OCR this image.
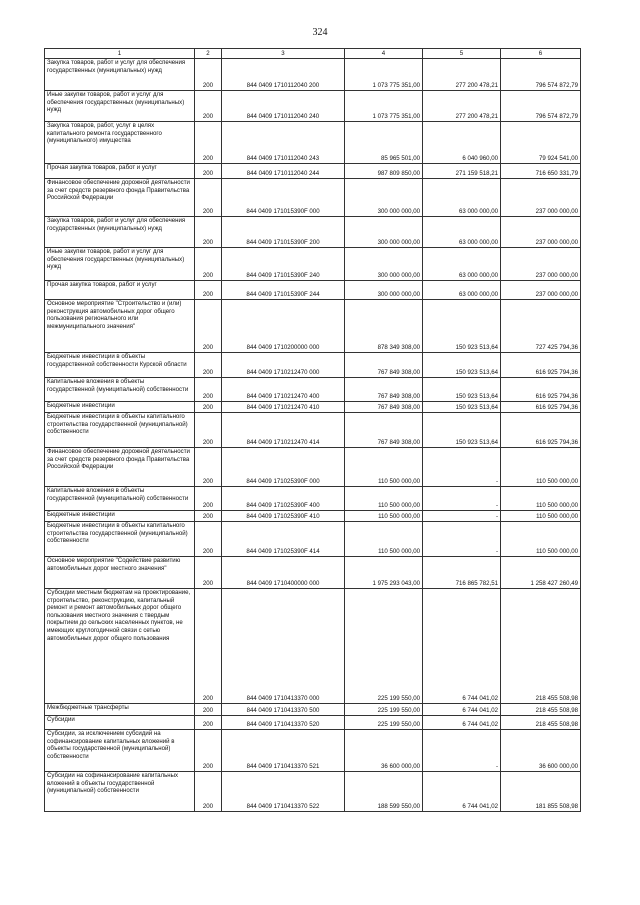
324
1	2	3	4	5	6
Закупка товаров, работ и услуг для обеспечения государственных (муниципальных) нужд	200	844 0409 1710112040 200	1 073 775 351,00	277 200 478,21	796 574 872,79
Иные закупки товаров, работ и услуг для обеспечения государственных (муниципальных) нужд	200	844 0409 1710112040 240	1 073 775 351,00	277 200 478,21	796 574 872,79
Закупка товаров, работ, услуг в целях капитального ремонта государственного (муниципального) имущества	200	844 0409 1710112040 243	85 965 501,00	6 040 960,00	79 924 541,00
Прочая закупка товаров, работ и услуг	200	844 0409 1710112040 244	987 809 850,00	271 159 518,21	716 650 331,79
Финансовое обеспечение дорожной деятельности за счет средств резервного фонда Правительства Российской Федерации	200	844 0409 171015390F 000	300 000 000,00	63 000 000,00	237 000 000,00
Закупка товаров, работ и услуг для обеспечения государственных (муниципальных) нужд	200	844 0409 171015390F 200	300 000 000,00	63 000 000,00	237 000 000,00
Иные закупки товаров, работ и услуг для обеспечения государственных (муниципальных) нужд	200	844 0409 171015390F 240	300 000 000,00	63 000 000,00	237 000 000,00
Прочая закупка товаров, работ и услуг	200	844 0409 171015390F 244	300 000 000,00	63 000 000,00	237 000 000,00
Основное мероприятие "Строительство и (или) реконструкция автомобильных дорог общего пользования регионального или межмуниципального значения"	200	844 0409 1710200000 000	878 349 308,00	150 923 513,64	727 425 794,36
Бюджетные инвестиции в объекты государственной собственности Курской области	200	844 0409 1710212470 000	767 849 308,00	150 923 513,64	616 925 794,36
Капитальные вложения в объекты государственной (муниципальной) собственности	200	844 0409 1710212470 400	767 849 308,00	150 923 513,64	616 925 794,36
Бюджетные инвестиции	200	844 0409 1710212470 410	767 849 308,00	150 923 513,64	616 925 794,36
Бюджетные инвестиции в объекты капитального строительства государственной (муниципальной) собственности	200	844 0409 1710212470 414	767 849 308,00	150 923 513,64	616 925 794,36
Финансовое обеспечение дорожной деятельности за счет средств резервного фонда Правительства Российской Федерации	200	844 0409 171025390F 000	110 500 000,00	-	110 500 000,00
Капитальные вложения в объекты государственной (муниципальной) собственности	200	844 0409 171025390F 400	110 500 000,00	-	110 500 000,00
Бюджетные инвестиции	200	844 0409 171025390F 410	110 500 000,00	-	110 500 000,00
Бюджетные инвестиции в объекты капитального строительства государственной (муниципальной) собственности	200	844 0409 171025390F 414	110 500 000,00	-	110 500 000,00
Основное мероприятие "Содействие развитию автомобильных дорог местного значения"	200	844 0409 1710400000 000	1 975 293 043,00	716 865 782,51	1 258 427 260,49
Субсидии местным бюджетам на проектирование, строительство, реконструкцию, капитальный ремонт и ремонт автомобильных дорог общего пользования местного значения с твердым покрытием до сельских населенных пунктов, не имеющих круглогодичной связи с сетью автомобильных дорог общего пользования	200	844 0409 1710413370 000	225 199 550,00	6 744 041,02	218 455 508,98
Межбюджетные трансферты	200	844 0409 1710413370 500	225 199 550,00	6 744 041,02	218 455 508,98
Субсидии	200	844 0409 1710413370 520	225 199 550,00	6 744 041,02	218 455 508,98
Субсидии, за исключением субсидий на софинансирование капитальных вложений в объекты государственной (муниципальной) собственности	200	844 0409 1710413370 521	36 600 000,00	-	36 600 000,00
Субсидии на софинансирование капитальных вложений в объекты государственной (муниципальной) собственности	200	844 0409 1710413370 522	188 599 550,00	6 744 041,02	181 855 508,98
